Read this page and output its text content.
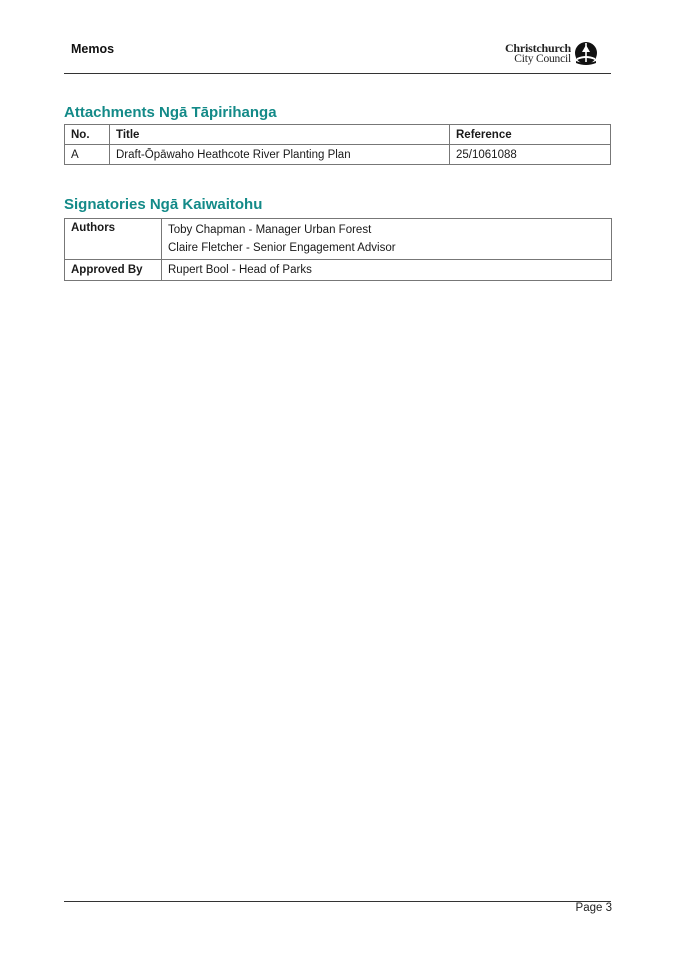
Memos	Christchurch
City Council
Attachments Ngā Tāpirihanga
No.	Title	Reference
A	Draft-Ōpāwaho Heathcote River Planting Plan	25/1061088
Signatories Ngā Kaiwaitohu
Authors	Toby Chapman - Manager Urban Forest
Claire Fletcher - Senior Engagement Advisor

Approved By	Rupert Bool - Head of Parks
Page 3
